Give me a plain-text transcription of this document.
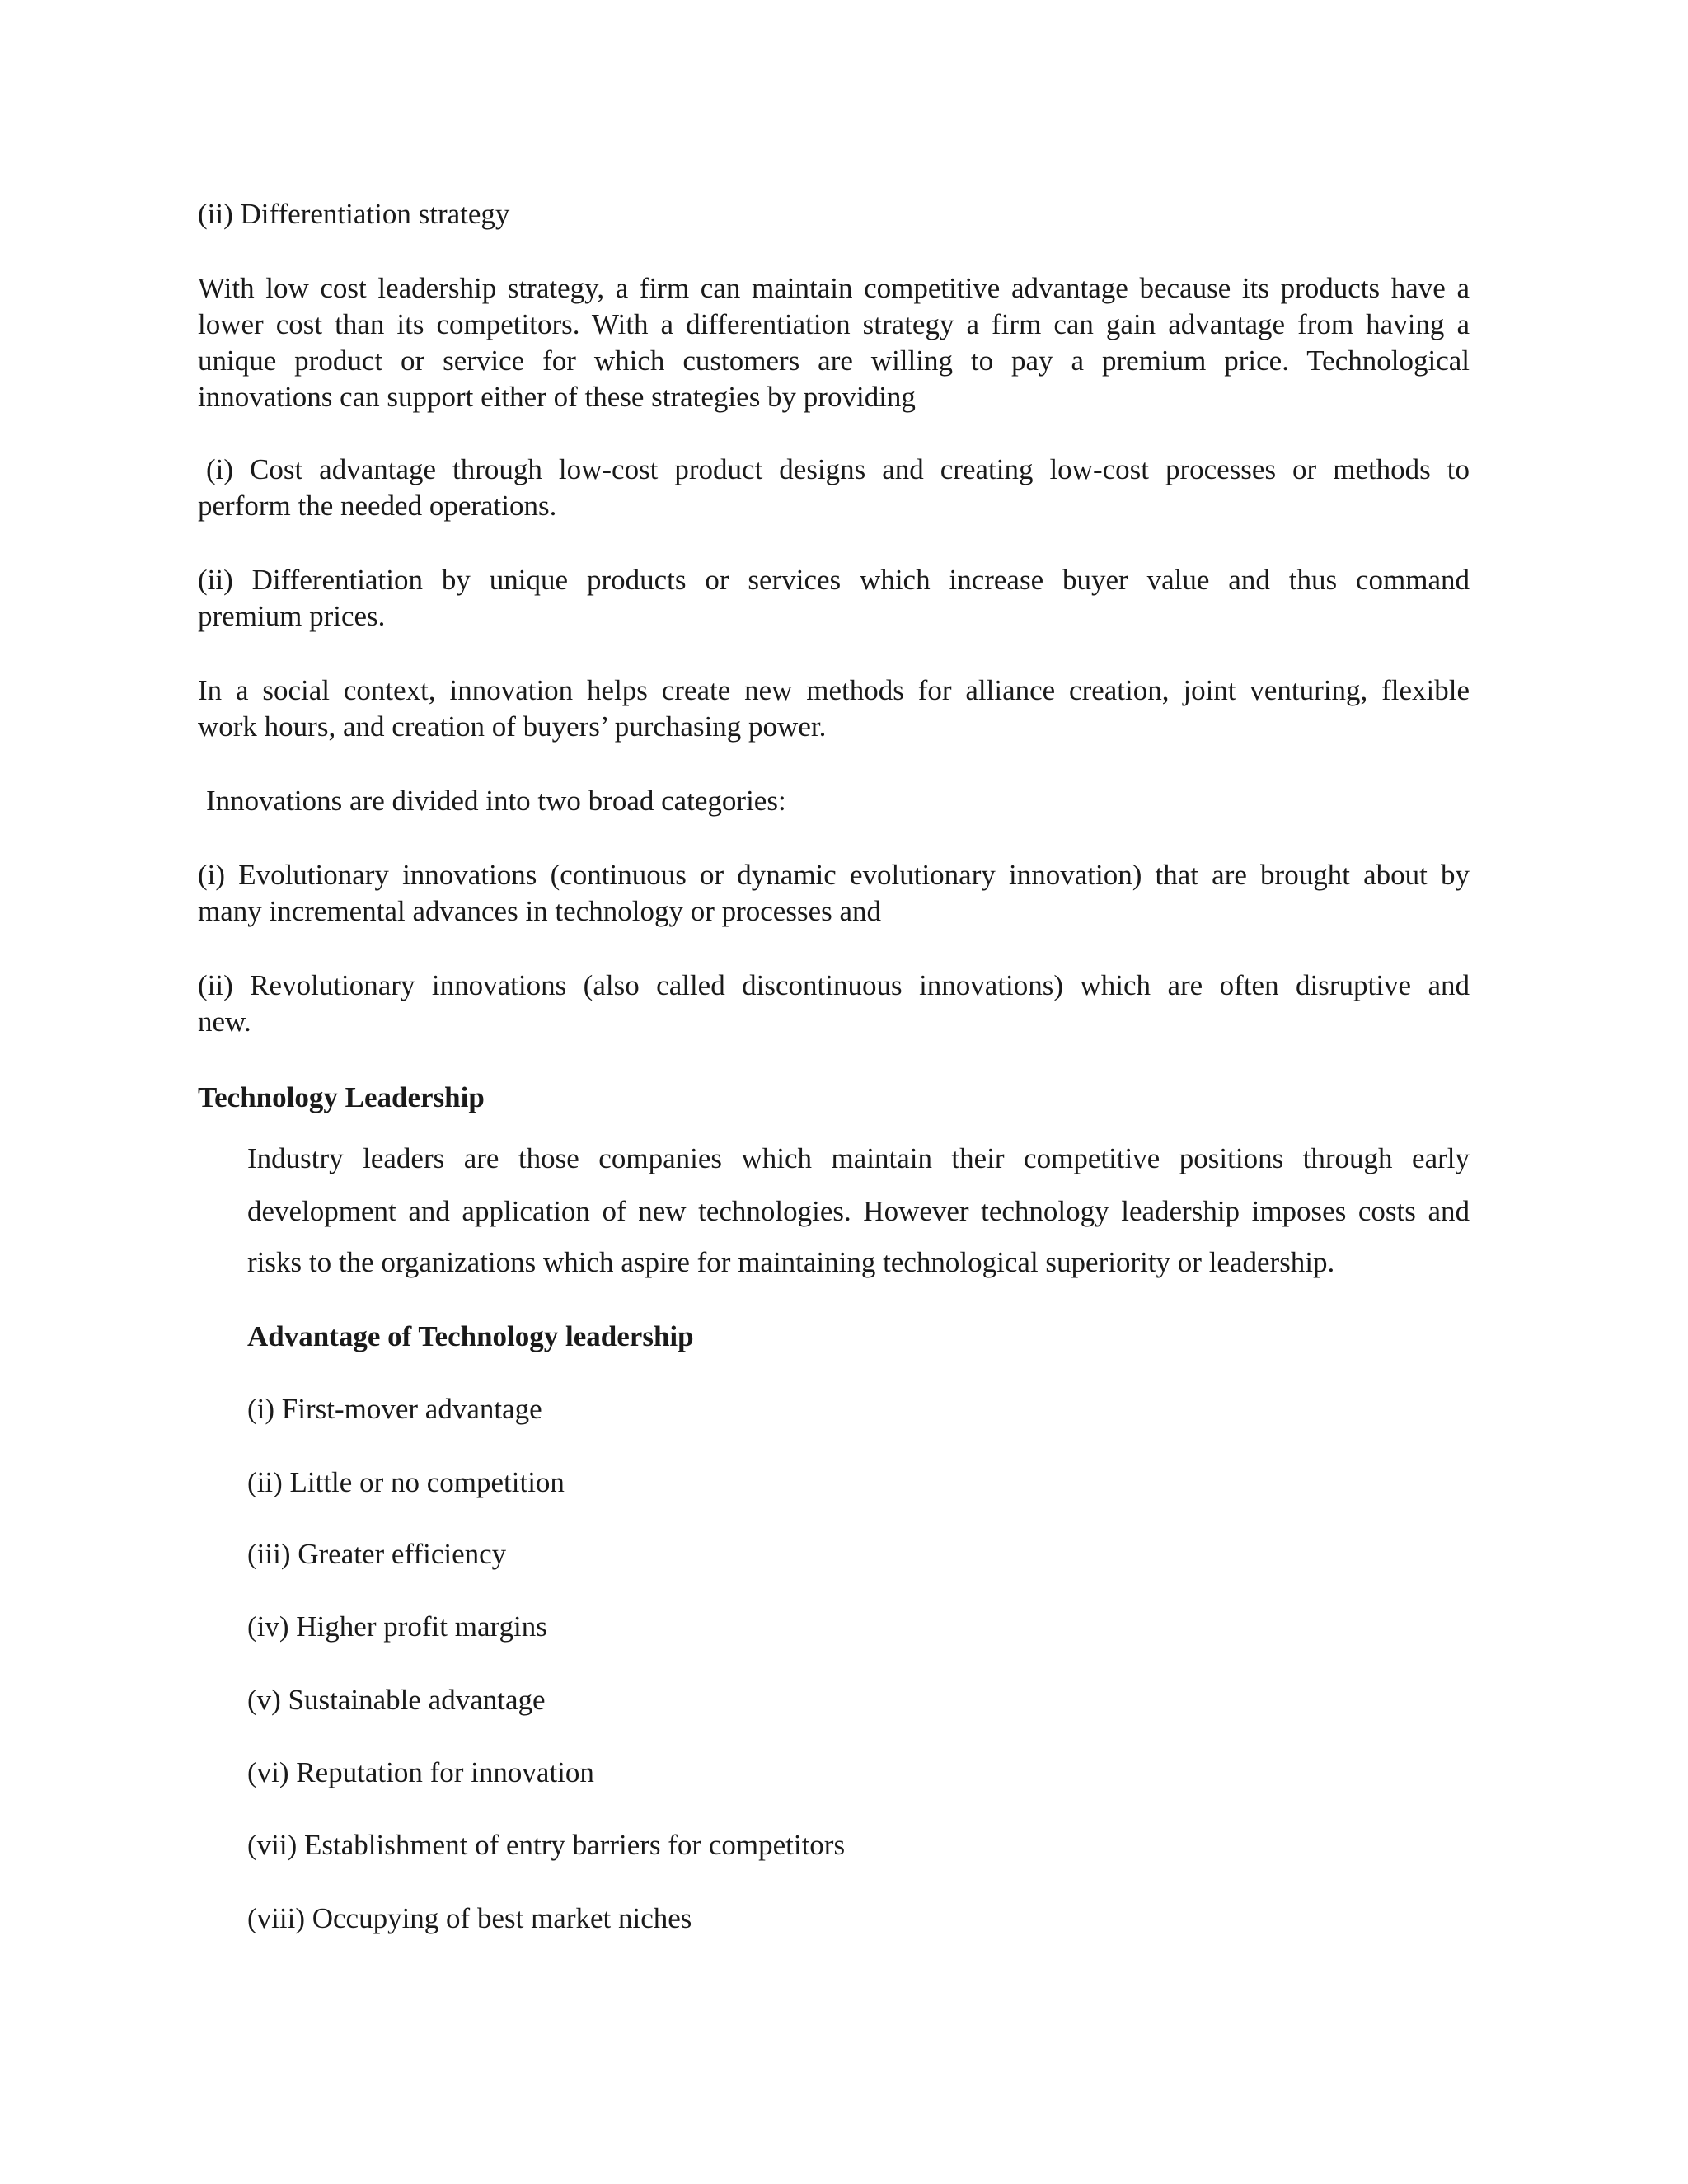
(ii) Differentiation strategy
With low cost leadership strategy, a firm can maintain competitive advantage because its products have a
lower cost than its competitors. With a differentiation strategy a firm can gain advantage from having a
unique product or service for which customers are willing to pay a premium price. Technological
innovations can support either of these strategies by providing
(i) Cost advantage through low-cost product designs and creating low-cost processes or methods to
perform the needed operations.
(ii) Differentiation by unique products or services which increase buyer value and thus command
premium prices.
In a social context, innovation helps create new methods for alliance creation, joint venturing, flexible
work hours, and creation of buyers’ purchasing power.
Innovations are divided into two broad categories:
(i) Evolutionary innovations (continuous or dynamic evolutionary innovation) that are brought about by
many incremental advances in technology or processes and
(ii) Revolutionary innovations (also called discontinuous innovations) which are often disruptive and
new.
Technology Leadership
Industry leaders are those companies which maintain their competitive positions through early
development and application of new technologies. However technology leadership imposes costs and
risks to the organizations which aspire for maintaining technological superiority or leadership.
Advantage of Technology leadership
(i) First-mover advantage
(ii) Little or no competition
(iii) Greater efficiency
(iv) Higher profit margins
(v) Sustainable advantage
(vi) Reputation for innovation
(vii) Establishment of entry barriers for competitors
(viii) Occupying of best market niches
